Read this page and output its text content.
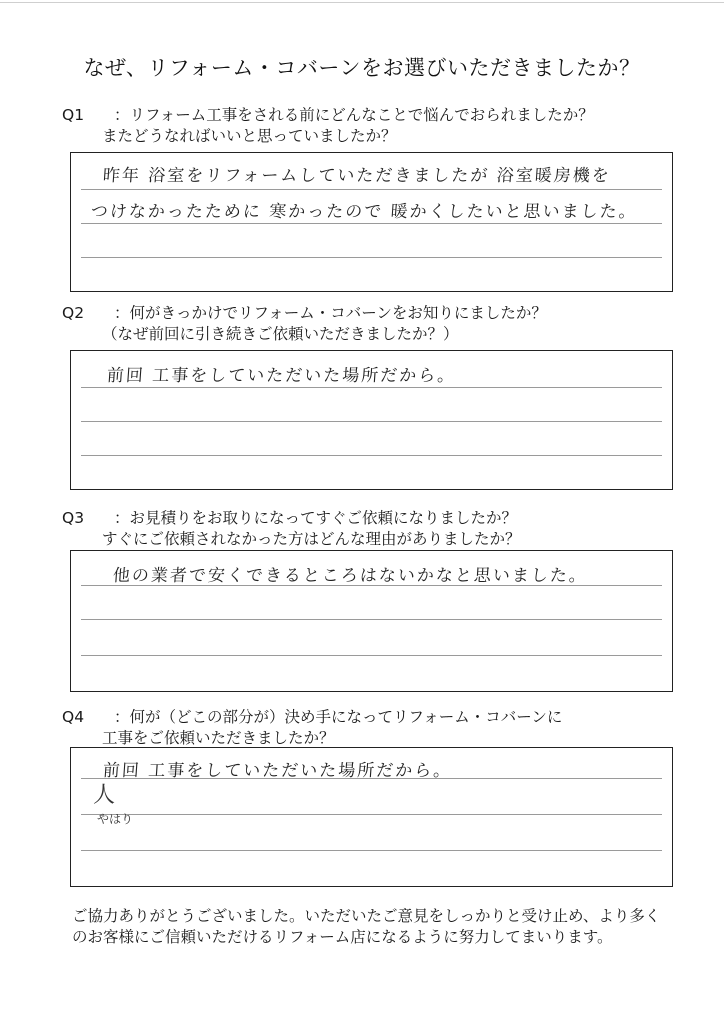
なぜ、リフォーム・コバーンをお選びいただきましたか？
Q1 ：リフォーム工事をされる前にどんなことで悩んでおられましたか？
またどうなればいいと思っていましたか？
昨年 浴室をリフォームしていただきましたが 浴室暖房機を
つけなかったために 寒かったので 暖かくしたいと思いました。
Q2 ：何がきっかけでリフォーム・コバーンをお知りにましたか？
（なぜ前回に引き続きご依頼いただきましたか？）
前回 工事をしていただいた場所だから。
Q3 ：お見積りをお取りになってすぐご依頼になりましたか？
すぐにご依頼されなかった方はどんな理由がありましたか？
他の業者で安くできるところはないかなと思いました。
Q4 ：何が（どこの部分が）決め手になってリフォーム・コバーンに
工事をご依頼いただきましたか？
前回 工事をしていただいた場所だから。
人
やはり
ご協力ありがとうございました。いただいたご意見をしっかりと受け止め、より多くのお客様にご信頼いただけるリフォーム店になるように努力してまいります。
